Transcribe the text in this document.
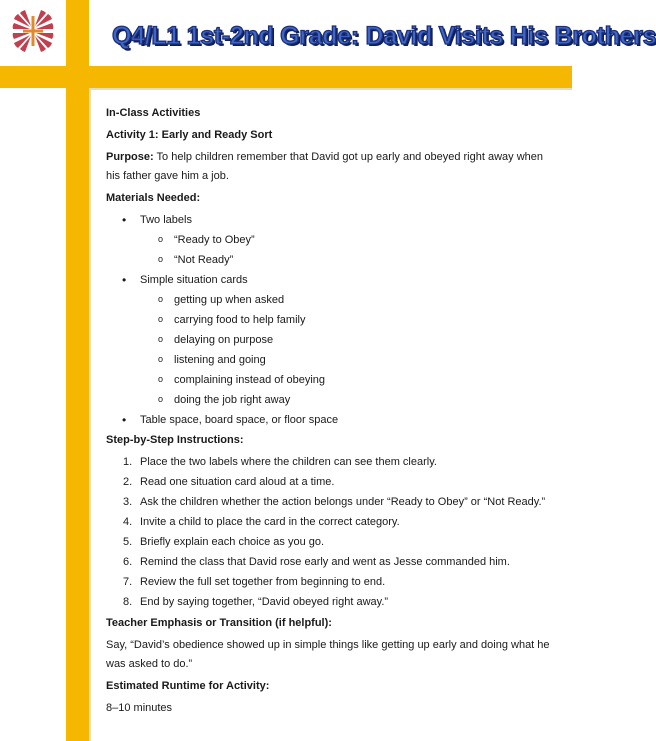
Q4/L1 1st-2nd Grade: David Visits His Brothers

In-Class Activities

Activity 1: Early and Ready Sort

Purpose: To help children remember that David got up early and obeyed right away when his father gave him a job.

Materials Needed:

• Two labels
o “Ready to Obey”
o “Not Ready”
• Simple situation cards
o getting up when asked
o carrying food to help family
o delaying on purpose
o listening and going
o complaining instead of obeying
o doing the job right away
• Table space, board space, or floor space

Step-by-Step Instructions:

1. Place the two labels where the children can see them clearly.
2. Read one situation card aloud at a time.
3. Ask the children whether the action belongs under “Ready to Obey” or “Not Ready.”
4. Invite a child to place the card in the correct category.
5. Briefly explain each choice as you go.
6. Remind the class that David rose early and went as Jesse commanded him.
7. Review the full set together from beginning to end.
8. End by saying together, “David obeyed right away.”

Teacher Emphasis or Transition (if helpful):

Say, “David’s obedience showed up in simple things like getting up early and doing what he was asked to do.”

Estimated Runtime for Activity:

8–10 minutes
